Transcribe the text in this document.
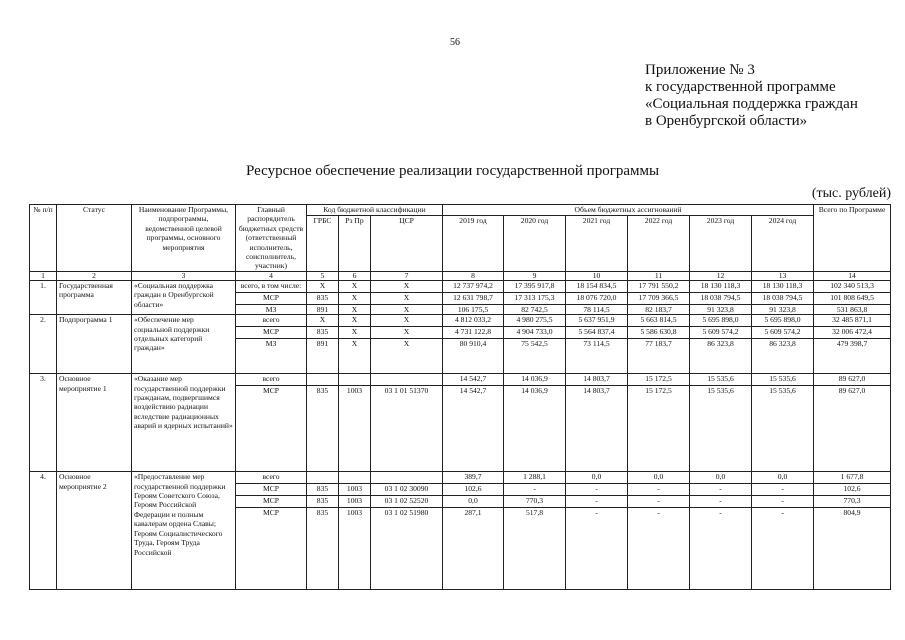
56
Приложение № 3
к государственной программе
«Социальная поддержка граждан
в Оренбургской области»
Ресурсное обеспечение реализации государственной программы
(тыс. рублей)
№ п/п	Статус	Наименование Программы, подпрограммы, ведомственной целевой программы, основного мероприятия	Главный распорядитель бюджетных средств (ответственный исполнитель, соисполнитель, участник)	Код бюджетной классификации			Объем бюджетных ассигнований						Всего по Программе
				ГРБС	Рз Пр	ЦСР	2019 год	2020 год	2021 год	2022 год	2023 год	2024 год	
1	2	3	4	5	6	7	8	9	10	11	12	13	14
1.	Государственная программа	«Социальная поддержка граждан в Оренбургской области»	всего, в том числе:	X	X	X	12 737 974,2	17 395 917,8	18 154 834,5	17 791 550,2	18 130 118,3	18 130 118,3	102 340 513,3
			МСР	835	X	X	12 631 798,7	17 313 175,3	18 076 720,0	17 709 366,5	18 038 794,5	18 038 794,5	101 808 649,5
			МЗ	891	X	X	106 175,5	82 742,5	78 114,5	82 183,7	91 323,8	91 323,8	531 863,8
2.	Подпрограмма 1	«Обеспечение мер социальной поддержки отдельных категорий граждан»	всего	X	X	X	4 812 033,2	4 980 275,5	5 637 951,9	5 663 814,5	5 695 898,0	5 695 898,0	32 485 871,1
			МСР	835	X	X	4 731 122,8	4 904 733,0	5 564 837,4	5 586 630,8	5 609 574,2	5 609 574,2	32 006 472,4
			МЗ	891	X	X	80 910,4	75 542,5	73 114,5	77 183,7	86 323,8	86 323,8	479 398,7
3.	Основное мероприятие 1	«Оказание мер государственной поддержки гражданам, подвергшимся воздействию радиации вследствие радиационных аварий и ядерных испытаний»	всего				14 542,7	14 036,9	14 803,7	15 172,5	15 535,6	15 535,6	89 627,0
			МСР	835	1003	03 1 01 51370	14 542,7	14 036,9	14 803,7	15 172,5	15 535,6	15 535,6	89 627,0
4.	Основное мероприятие 2	«Предоставление мер государственной поддержки Героям Советского Союза, Героям Российской Федерации и полным кавалерам ордена Славы; Героям Социалистического Труда, Героям Труда Российской	всего				389,7	1 288,1	0,0	0,0	0,0	0,0	1 677,8
			МСР	835	1003	03 1 02 30090	102,6	-	-	-	-	-	102,6
			МСР	835	1003	03 1 02 52520	0,0	770,3	-	-	-	-	770,3
			МСР	835	1003	03 1 02 51980	287,1	517,8	-	-	-	-	804,9
